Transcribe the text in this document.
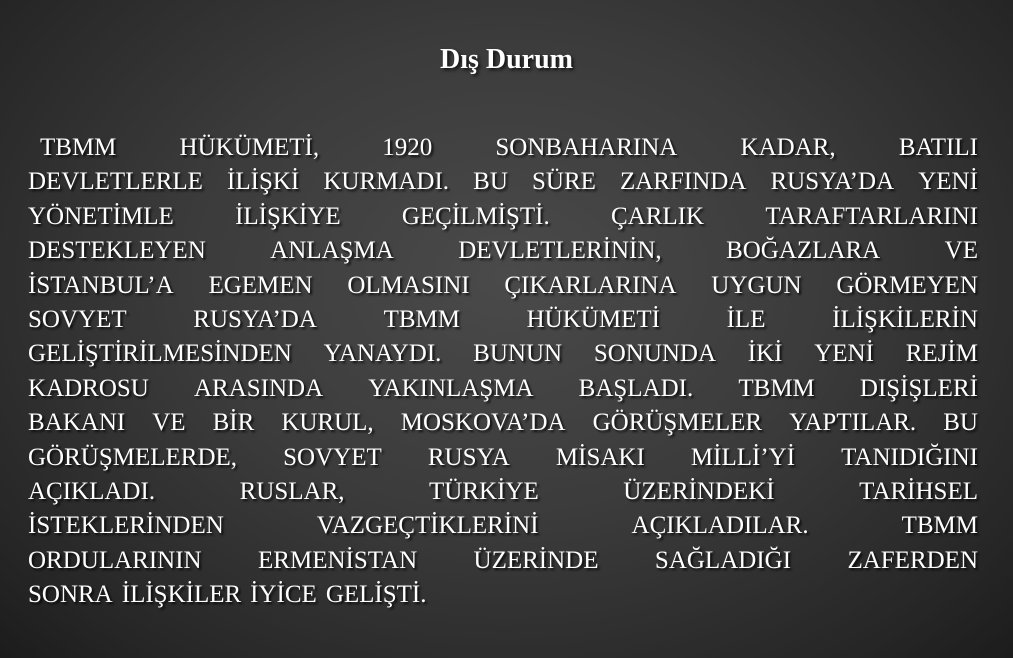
Dış Durum
TBMM	HÜKÜMETİ,	1920	SONBAHARINA	KADAR,	BATILI
DEVLETLERLE İLİŞKİ KURMADI. BU SÜRE ZARFINDA RUSYA’DA YENİ
YÖNETİMLE İLİŞKİYE GEÇİLMİŞTİ. ÇARLIK TARAFTARLARINI
DESTEKLEYEN	ANLAŞMA	DEVLETLERİNİN,	BOĞAZLARA	VE
İSTANBUL’A EGEMEN OLMASINI ÇIKARLARINA UYGUN GÖRMEYEN
SOVYET	RUSYA’DA	TBMM	HÜKÜMETİ	İLE	İLİŞKİLERİN
GELİŞTİRİLMESİNDEN YANAYDI. BUNUN SONUNDA İKİ YENİ REJİM
KADROSU ARASINDA YAKINLAŞMA BAŞLADI. TBMM DIŞİŞLERİ
BAKANI VE BİR KURUL, MOSKOVA’DA GÖRÜŞMELER YAPTILAR. BU
GÖRÜŞMELERDE, SOVYET RUSYA MİSAKI MİLLİ’Yİ TANIDIĞINI
AÇIKLADI.	RUSLAR,	TÜRKİYE	ÜZERİNDEKİ	TARİHSEL
İSTEKLERİNDEN	VAZGEÇTİKLERİNİ	AÇIKLADILAR.	TBMM
ORDULARININ ERMENİSTAN ÜZERİNDE SAĞLADIĞI ZAFERDEN
SONRA İLİŞKİLER İYİCE GELİŞTİ.
